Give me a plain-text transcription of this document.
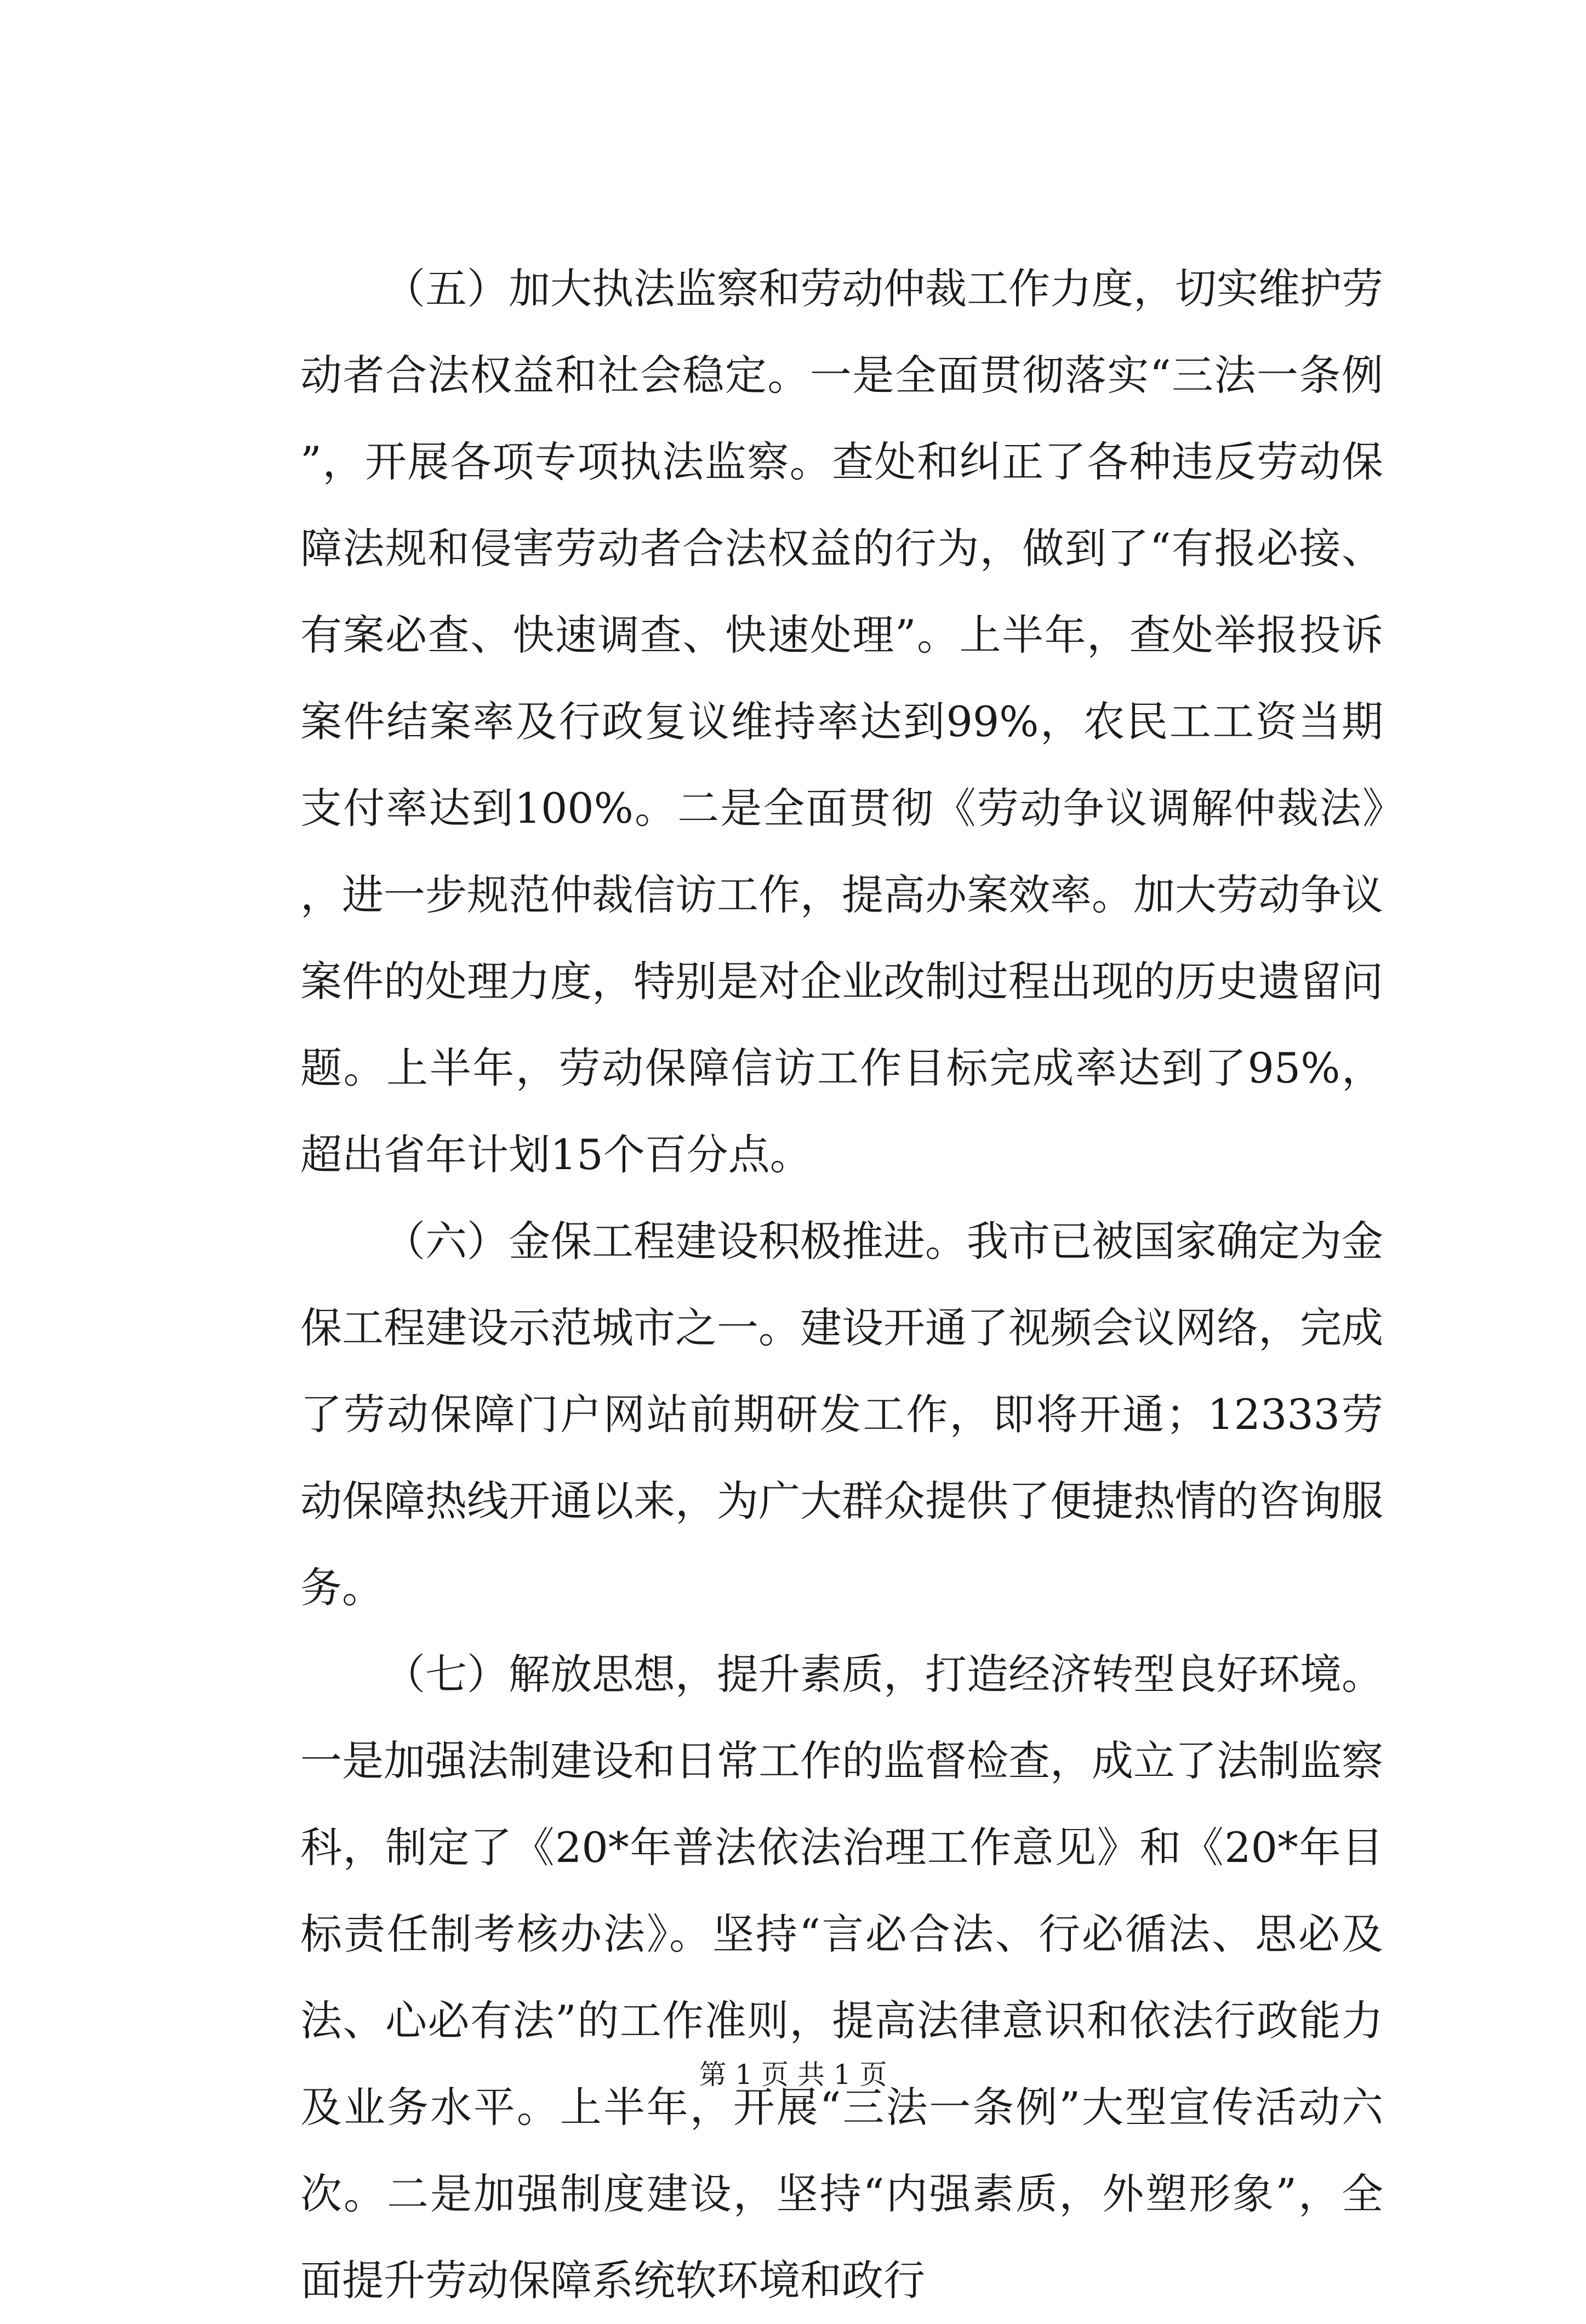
（五）加大执法监察和劳动仲裁工作力度，切实维护劳动者合法权益和社会稳定。一是全面贯彻落实“三法一条例”，开展各项专项执法监察。查处和纠正了各种违反劳动保障法规和侵害劳动者合法权益的行为，做到了“有报必接、有案必查、快速调查、快速处理”。上半年，查处举报投诉案件结案率及行政复议维持率达到99%，农民工工资当期支付率达到100%。二是全面贯彻《劳动争议调解仲裁法》，进一步规范仲裁信访工作，提高办案效率。加大劳动争议案件的处理力度，特别是对企业改制过程出现的历史遗留问题。上半年，劳动保障信访工作目标完成率达到了95%，超出省年计划15个百分点。

（六）金保工程建设积极推进。我市已被国家确定为金保工程建设示范城市之一。建设开通了视频会议网络，完成了劳动保障门户网站前期研发工作，即将开通；12333劳动保障热线开通以来，为广大群众提供了便捷热情的咨询服务。

（七）解放思想，提升素质，打造经济转型良好环境。一是加强法制建设和日常工作的监督检查，成立了法制监察科，制定了《20*年普法依法治理工作意见》和《20*年目标责任制考核办法》。坚持“言必合法、行必循法、思必及法、心必有法”的工作准则，提高法律意识和依法行政能力及业务水平。上半年，开展“三法一条例”大型宣传活动六次。二是加强制度建设，坚持“内强素质，外塑形象”，全面提升劳动保障系统软环境和政行

第 1 页 共 1 页
